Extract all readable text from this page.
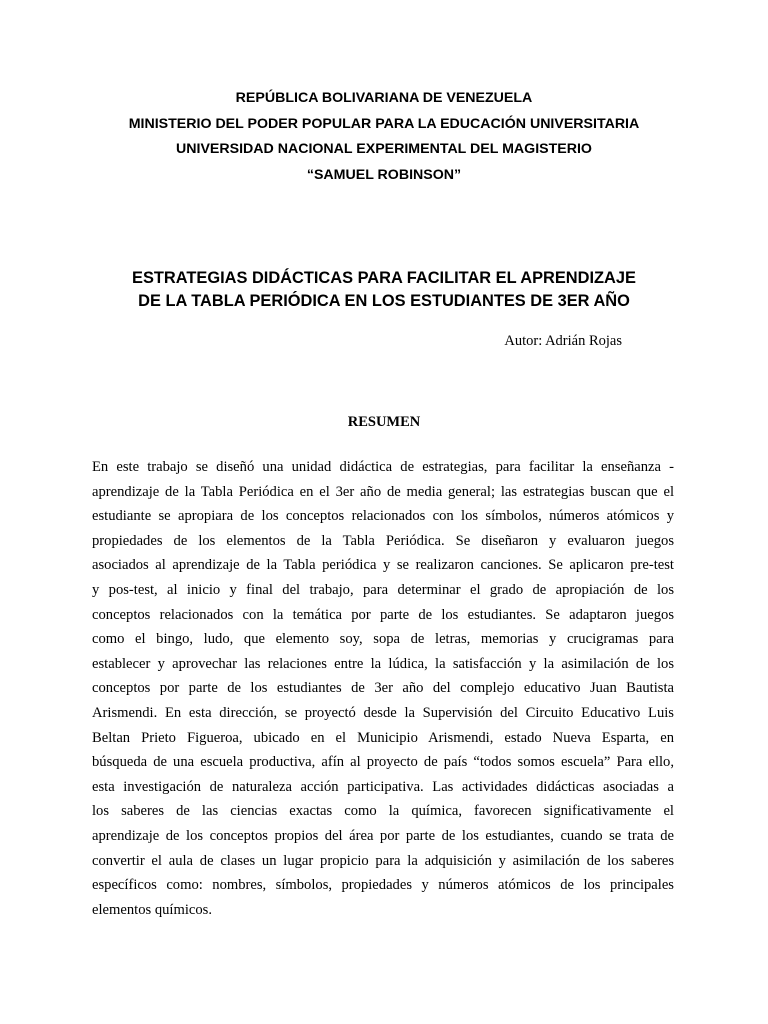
REPÚBLICA BOLIVARIANA DE VENEZUELA
MINISTERIO DEL PODER POPULAR PARA LA EDUCACIÓN UNIVERSITARIA
UNIVERSIDAD NACIONAL EXPERIMENTAL DEL MAGISTERIO
“SAMUEL ROBINSON”
ESTRATEGIAS DIDÁCTICAS PARA FACILITAR EL APRENDIZAJE
DE LA TABLA PERIÓDICA EN LOS ESTUDIANTES DE 3ER AÑO
Autor: Adrián Rojas
RESUMEN
En este trabajo se diseñó una unidad didáctica de estrategias, para facilitar la enseñanza -
aprendizaje de la Tabla Periódica en el 3er año de media general; las estrategias buscan que el
estudiante se apropiara de los conceptos relacionados con los símbolos, números atómicos y
propiedades de los elementos de la Tabla Periódica. Se diseñaron y evaluaron juegos
asociados al aprendizaje de la Tabla periódica y se realizaron canciones. Se aplicaron pre-test
y pos-test, al inicio y final del trabajo, para determinar el grado de apropiación de los
conceptos relacionados con la temática por parte de los estudiantes. Se adaptaron juegos
como el bingo, ludo, que elemento soy, sopa de letras, memorias y crucigramas para
establecer y aprovechar las relaciones entre la lúdica, la satisfacción y la asimilación de los
conceptos por parte de los estudiantes de 3er año del complejo educativo Juan Bautista
Arismendi. En esta dirección, se proyectó desde la Supervisión del Circuito Educativo Luis
Beltan Prieto Figueroa, ubicado en el Municipio Arismendi, estado Nueva Esparta, en
búsqueda de una escuela productiva, afín al proyecto de país “todos somos escuela” Para ello,
esta investigación de naturaleza acción participativa. Las actividades didácticas asociadas a
los saberes de las ciencias exactas como la química, favorecen significativamente el
aprendizaje de los conceptos propios del área por parte de los estudiantes, cuando se trata de
convertir el aula de clases un lugar propicio para la adquisición y asimilación de los saberes
específicos como: nombres, símbolos, propiedades y números atómicos de los principales
elementos químicos.
